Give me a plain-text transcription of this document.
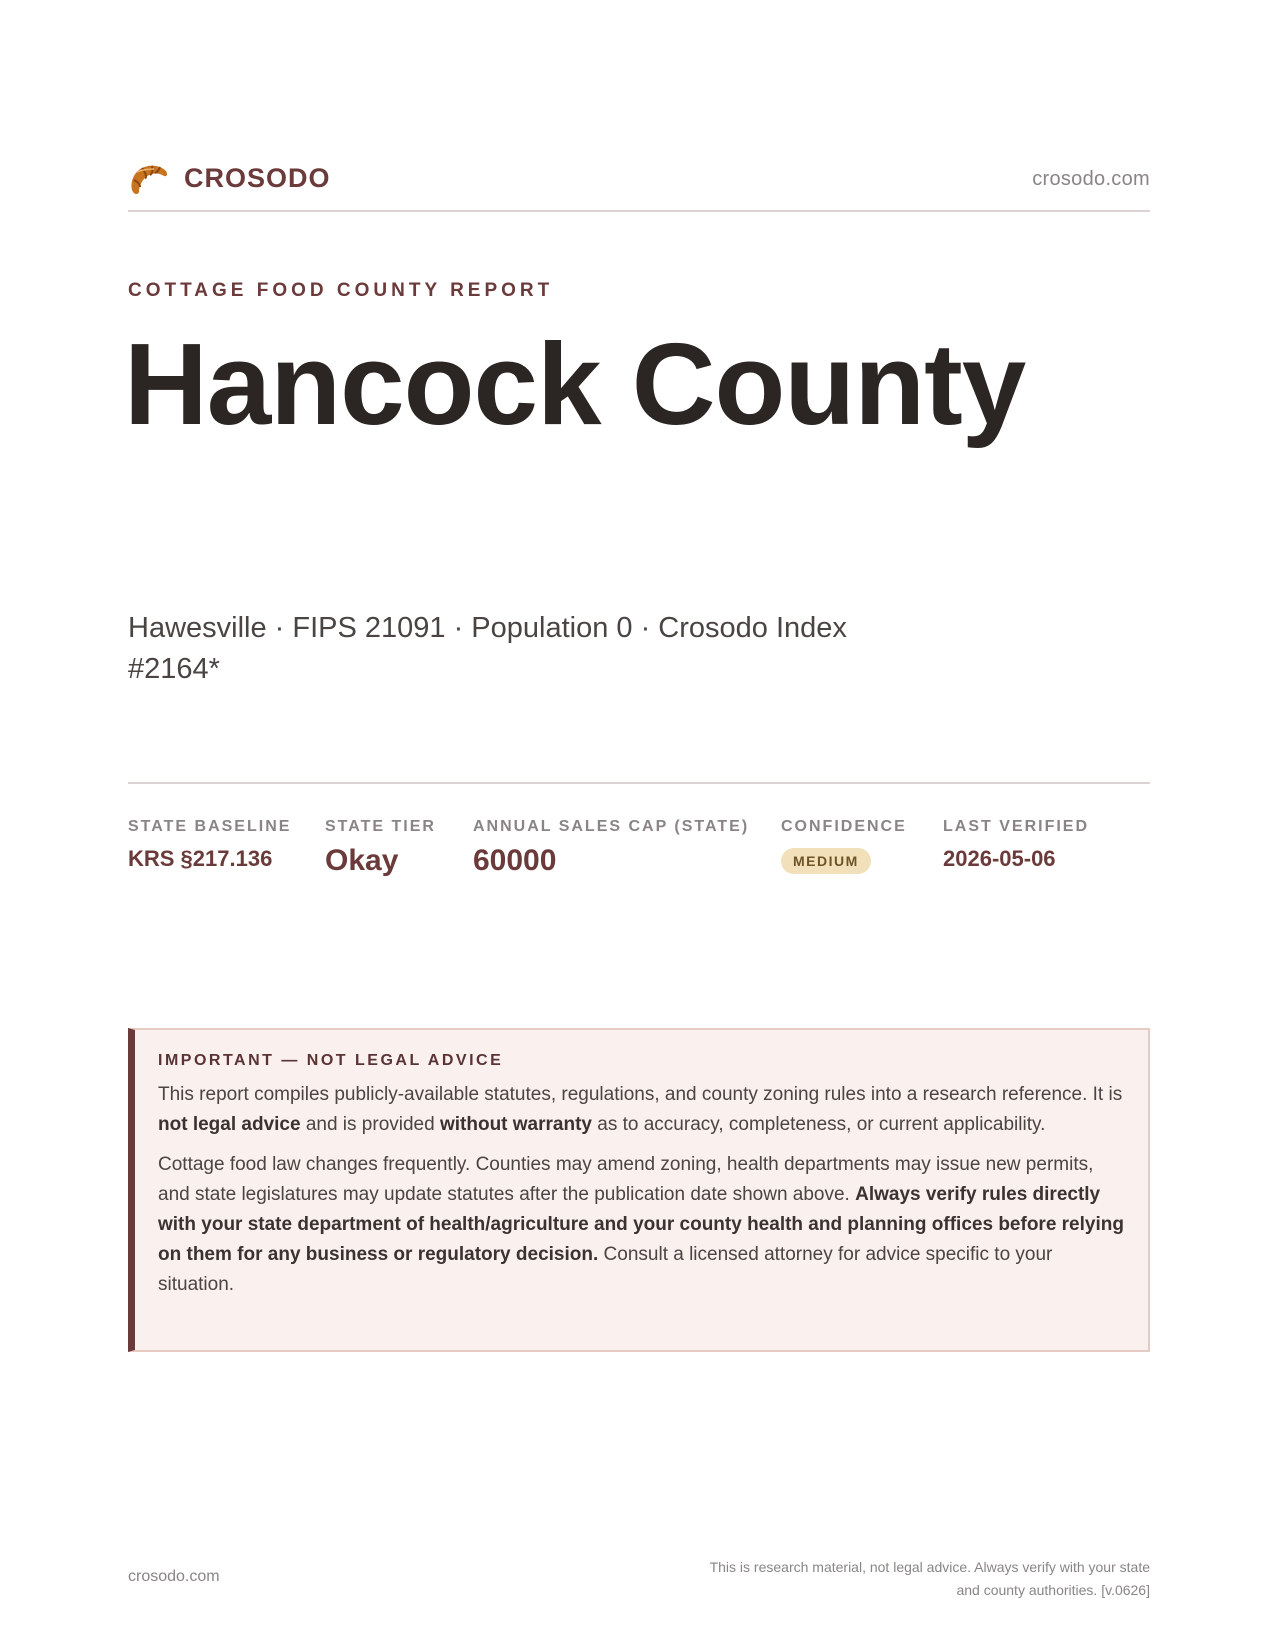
CROSODO	crosodo.com
COTTAGE FOOD COUNTY REPORT
Hancock County
Hawesville · FIPS 21091 · Population 0 · Crosodo Index #2164*
STATE BASELINE
KRS §217.136
STATE TIER
Okay
ANNUAL SALES CAP (STATE)
60000
CONFIDENCE
MEDIUM
LAST VERIFIED
2026-05-06
IMPORTANT — NOT LEGAL ADVICE

This report compiles publicly-available statutes, regulations, and county zoning rules into a research reference. It is not legal advice and is provided without warranty as to accuracy, completeness, or current applicability.

Cottage food law changes frequently. Counties may amend zoning, health departments may issue new permits, and state legislatures may update statutes after the publication date shown above. Always verify rules directly with your state department of health/agriculture and your county health and planning offices before relying on them for any business or regulatory decision. Consult a licensed attorney for advice specific to your situation.

crosodo.com
This is research material, not legal advice. Always verify with your state
and county authorities. [v.0626]
